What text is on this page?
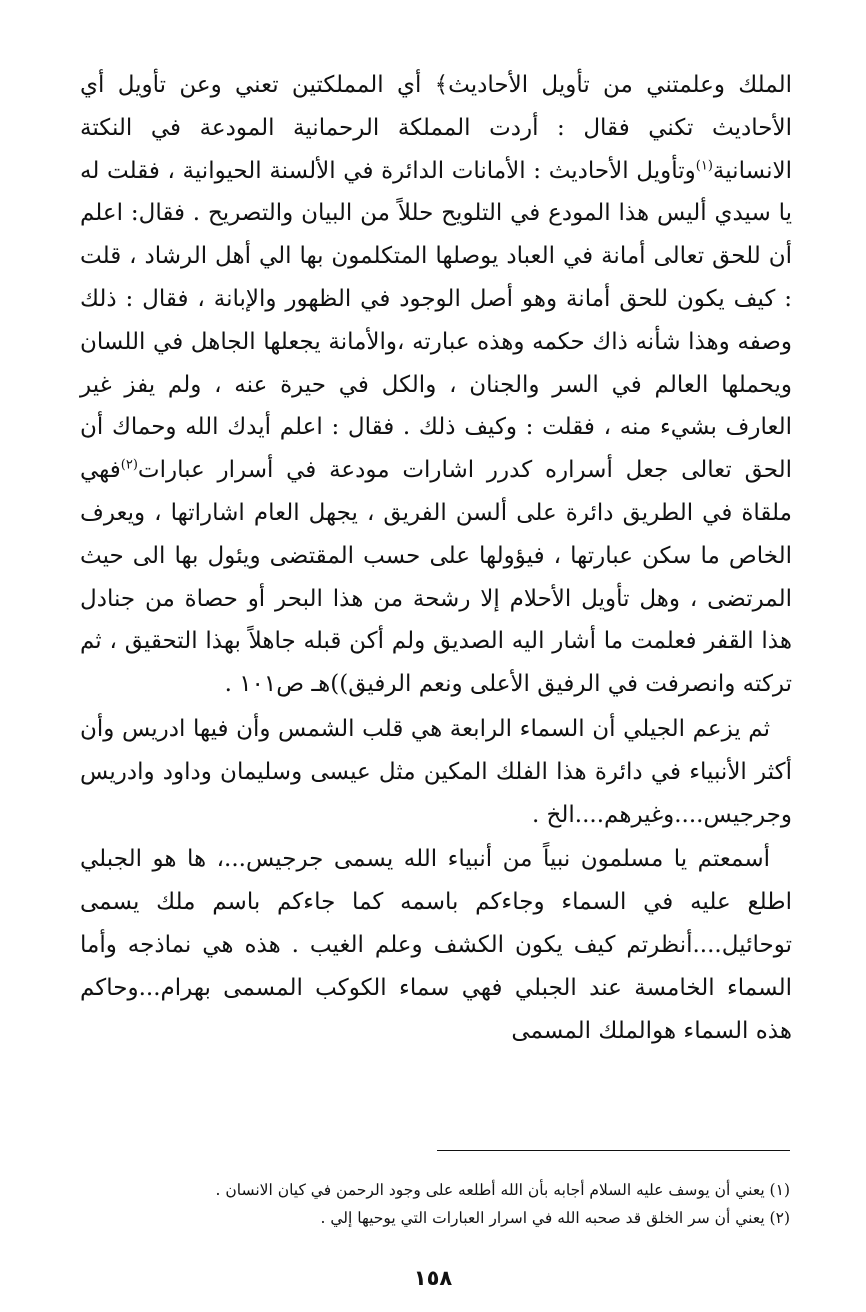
الملك وعلمتني من تأويل الأحاديث﴾ أي المملكتين تعني وعن تأويل أي الأحاديث تكني فقال : أردت المملكة الرحمانية المودعة في النكتة الانسانية$^{(١)}$وتأويل الأحاديث : الأمانات الدائرة في الألسنة الحيوانية ، فقلت له يا سيدي أليس هذا المودع في التلويح حللاً من البيان والتصريح . فقال: اعلم أن للحق تعالى أمانة في العباد يوصلها المتكلمون بها الي أهل الرشاد ، قلت : كيف يكون للحق أمانة وهو أصل الوجود في الظهور والإبانة ، فقال : ذلك وصفه وهذا شأنه ذاك حكمه وهذه عبارته ،والأمانة يجعلها الجاهل في اللسان ويحملها العالم في السر والجنان ، والكل في حيرة عنه ، ولم يفز غير العارف بشيء منه ، فقلت : وكيف ذلك . فقال : اعلم أيدك الله وحماك أن الحق تعالى جعل أسراره كدرر اشارات مودعة في أسرار عبارات$^{(٢)}$فهي ملقاة في الطريق دائرة على ألسن الفريق ، يجهل العام اشاراتها ، ويعرف الخاص ما سكن عبارتها ، فيؤولها على حسب المقتضى ويئول بها الى حيث المرتضى ، وهل تأويل الأحلام إلا رشحة من هذا البحر أو حصاة من جنادل هذا القفر فعلمت ما أشار اليه الصديق ولم أكن قبله جاهلاً بهذا التحقيق ، ثم تركته وانصرفت في الرفيق الأعلى ونعم الرفيق))هـ ص١٠١ .

ثم يزعم الجيلي أن السماء الرابعة هي قلب الشمس وأن فيها ادريس وأن أكثر الأنبياء في دائرة هذا الفلك المكين مثل عيسى وسليمان وداود وادريس وجرجيس....وغيرهم....الخ .

أسمعتم يا مسلمون نبياً من أنبياء الله يسمى جرجيس...، ها هو الجبلي اطلع عليه في السماء وجاءكم باسمه كما جاءكم باسم ملك يسمى توحائيل....أنظرتم كيف يكون الكشف وعلم الغيب . هذه هي نماذجه وأما السماء الخامسة عند الجبلي فهي سماء الكوكب المسمى بهرام...وحاكم هذه السماء هوالملك المسمى

(١) يعني أن يوسف عليه السلام أجابه بأن الله أطلعه على وجود الرحمن في كيان الانسان .

(٢) يعني أن سر الخلق قد صحبه الله في اسرار العبارات التي يوحيها إلي .

١٥٨
